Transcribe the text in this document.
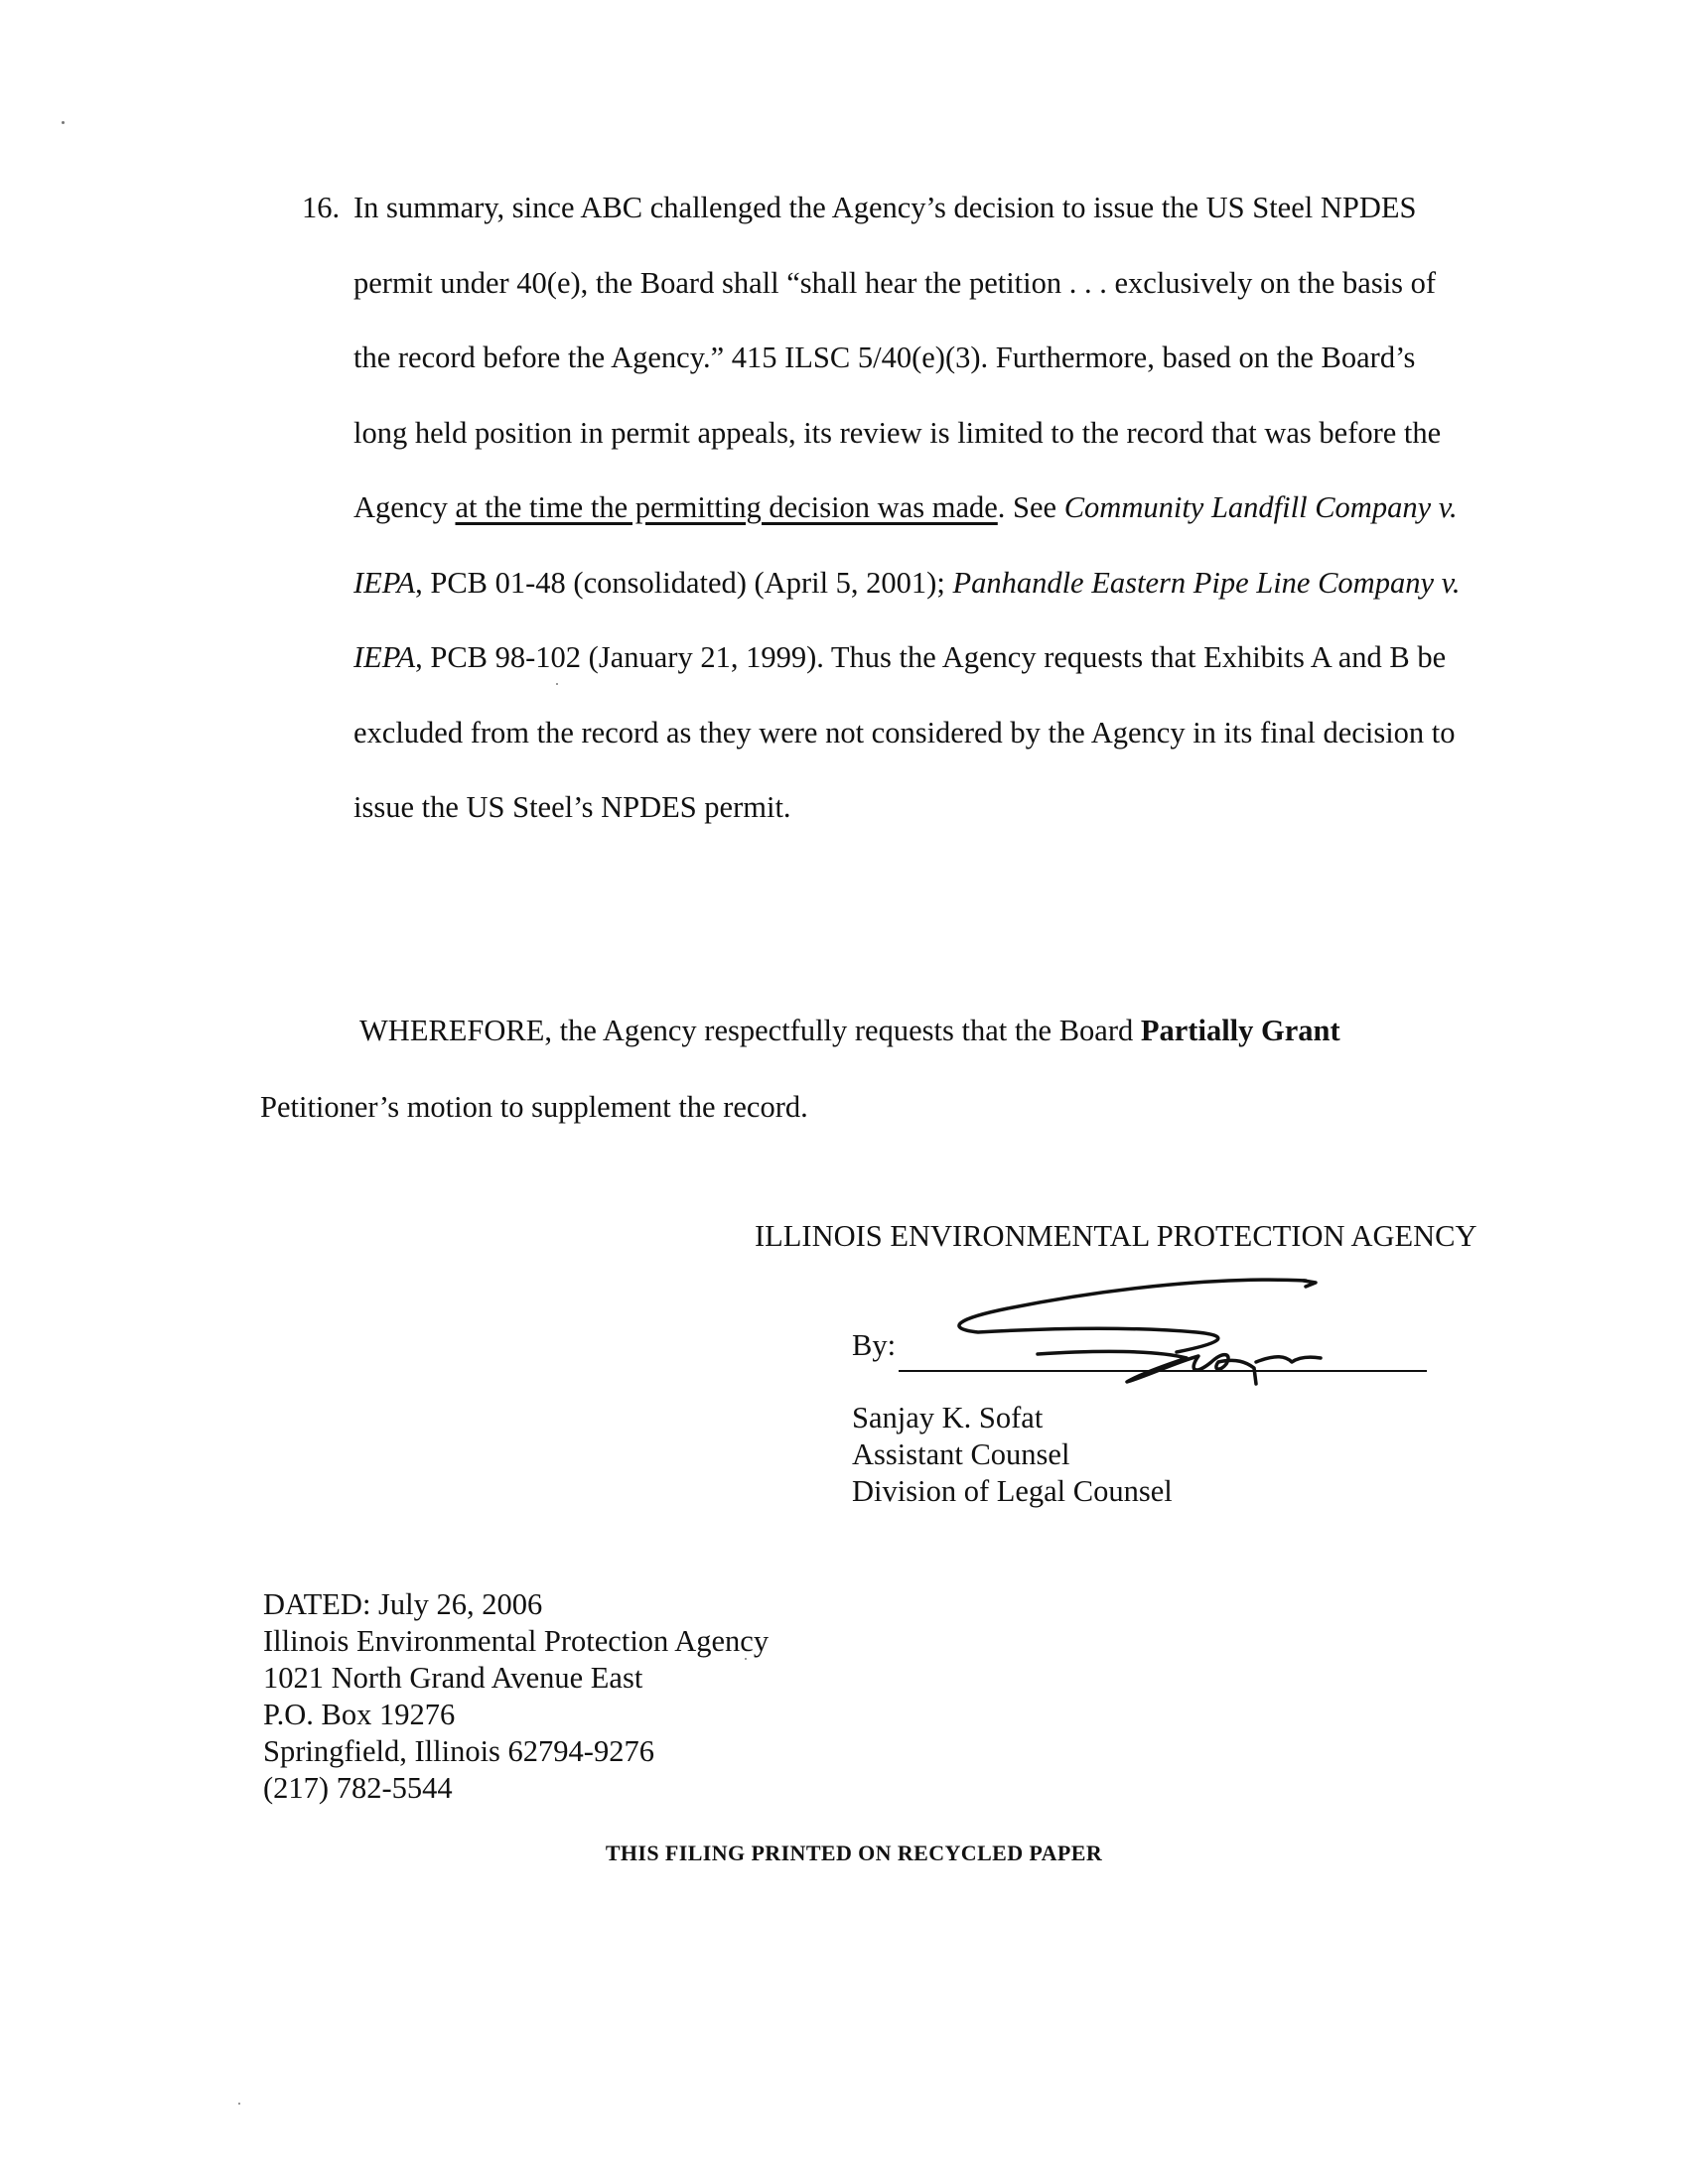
16. In summary, since ABC challenged the Agency’s decision to issue the US Steel NPDES permit under 40(e), the Board shall “shall hear the petition . . . exclusively on the basis of the record before the Agency.” 415 ILSC 5/40(e)(3). Furthermore, based on the Board’s long held position in permit appeals, its review is limited to the record that was before the Agency at the time the permitting decision was made. See Community Landfill Company v. IEPA, PCB 01-48 (consolidated) (April 5, 2001); Panhandle Eastern Pipe Line Company v. IEPA, PCB 98-102 (January 21, 1999). Thus the Agency requests that Exhibits A and B be excluded from the record as they were not considered by the Agency in its final decision to issue the US Steel’s NPDES permit.

WHEREFORE, the Agency respectfully requests that the Board Partially Grant

Petitioner’s motion to supplement the record.

ILLINOIS ENVIRONMENTAL PROTECTION AGENCY
By:
Sanjay K. Sofat
Assistant Counsel
Division of Legal Counsel
DATED: July 26, 2006
Illinois Environmental Protection Agency
1021 North Grand Avenue East
P.O. Box 19276
Springfield, Illinois 62794-9276
(217) 782-5544
THIS FILING PRINTED ON RECYCLED PAPER
